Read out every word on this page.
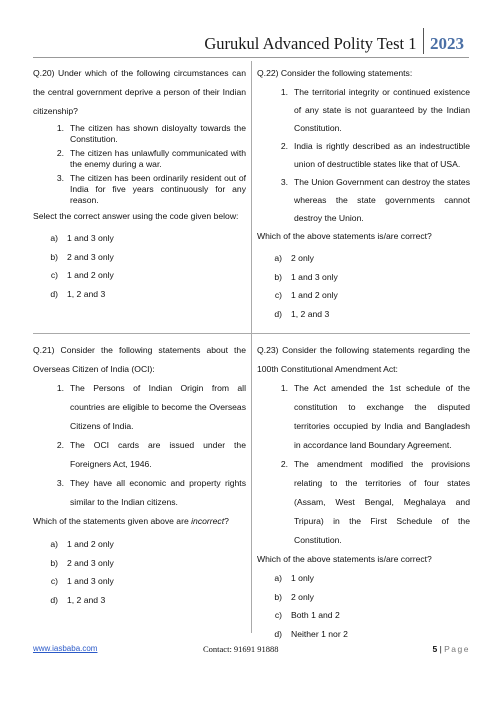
Gurukul Advanced Polity Test 1 2023

Q.20) Under which of the following circumstances can the central government deprive a person of their Indian citizenship?

1. The citizen has shown disloyalty towards the Constitution.
2. The citizen has unlawfully communicated with the enemy during a war.
3. The citizen has been ordinarily resident out of India for five years continuously for any reason.

Select the correct answer using the code given below:

a)	1 and 3 only
b)	2 and 3 only
c)	1 and 2 only
d)	1, 2 and 3

Q.22) Consider the following statements:

1. The territorial integrity or continued existence of any state is not guaranteed by the Indian Constitution.
2. India is rightly described as an indestructible union of destructible states like that of USA.
3. The Union Government can destroy the states whereas the state governments cannot destroy the Union.

Which of the above statements is/are correct?

a)	2 only
b)	1 and 3 only
c)	1 and 2 only
d)	1, 2 and 3

Q.21) Consider the following statements about the Overseas Citizen of India (OCI):

1. The Persons of Indian Origin from all countries are eligible to become the Overseas Citizens of India.
2. The OCI cards are issued under the Foreigners Act, 1946.
3. They have all economic and property rights similar to the Indian citizens.

Which of the statements given above are incorrect?

a)	1 and 2 only
b)	2 and 3 only
c)	1 and 3 only
d)	1, 2 and 3

Q.23) Consider the following statements regarding the 100th Constitutional Amendment Act:

1. The Act amended the 1st schedule of the constitution to exchange the disputed territories occupied by India and Bangladesh in accordance land Boundary Agreement.
2. The amendment modified the provisions relating to the territories of four states (Assam, West Bengal, Meghalaya and Tripura) in the First Schedule of the Constitution.

Which of the above statements is/are correct?

a)	1 only
b)	2 only
c)	Both 1 and 2
d)	Neither 1 nor 2
www.iasbaba.com	Contact: 91691 91888	5 | Page
